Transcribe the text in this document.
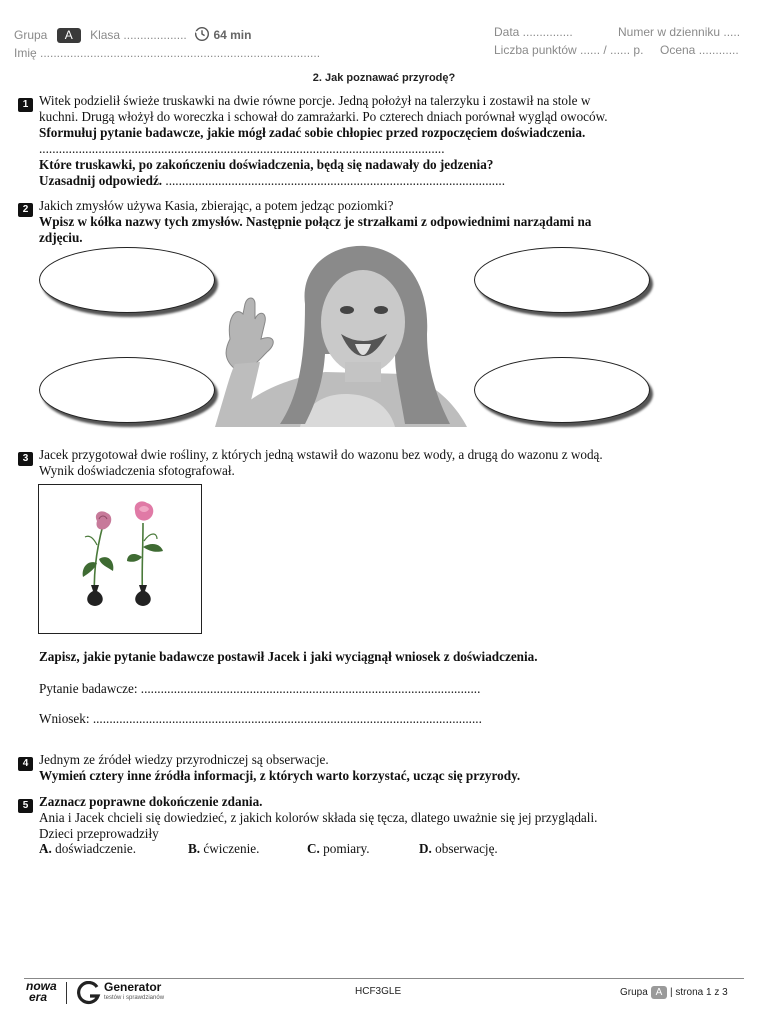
Grupa A Klasa ................... 64 min
Imię ....................................................................................
Data ...............	Numer w dzienniku .....
Liczba punktów ...... / ...... p. Ocena ............
2. Jak poznawać przyrodę?
1 Witek podzielił świeże truskawki na dwie równe porcje. Jedną położył na talerzyku i zostawił na stole w
kuchni. Drugą włożył do woreczka i schował do zamrażarki. Po czterech dniach porównał wygląd owoców.
Sformułuj pytanie badawcze, jakie mógł zadać sobie chłopiec przed rozpoczęciem doświadczenia.
...........................................................................................................................
Które truskawki, po zakończeniu doświadczenia, będą się nadawały do jedzenia?
Uzasadnij odpowiedź. .......................................................................................................
2 Jakich zmysłów używa Kasia, zbierając, a potem jedząc poziomki?
Wpisz w kółka nazwy tych zmysłów. Następnie połącz je strzałkami z odpowiednimi narządami na
zdjęciu.
3 Jacek przygotował dwie rośliny, z których jedną wstawił do wazonu bez wody, a drugą do wazonu z wodą.
Wynik doświadczenia sfotografował.
Zapisz, jakie pytanie badawcze postawił Jacek i jaki wyciągnął wniosek z doświadczenia.
Pytanie badawcze: .......................................................................................................
Wniosek: ......................................................................................................................
4 Jednym ze źródeł wiedzy przyrodniczej są obserwacje.
Wymień cztery inne źródła informacji, z których warto korzystać, ucząc się przyrody.
5 Zaznacz poprawne dokończenie zdania.
Ania i Jacek chcieli się dowiedzieć, z jakich kolorów składa się tęcza, dlatego uważnie się jej przyglądali.
Dzieci przeprowadziły
A. doświadczenie.	B. ćwiczenie.	C. pomiary.	D. obserwację.
nowa
era
Generator
testów i sprawdzianów
HCF3GLE	Grupa A | strona 1 z 3
